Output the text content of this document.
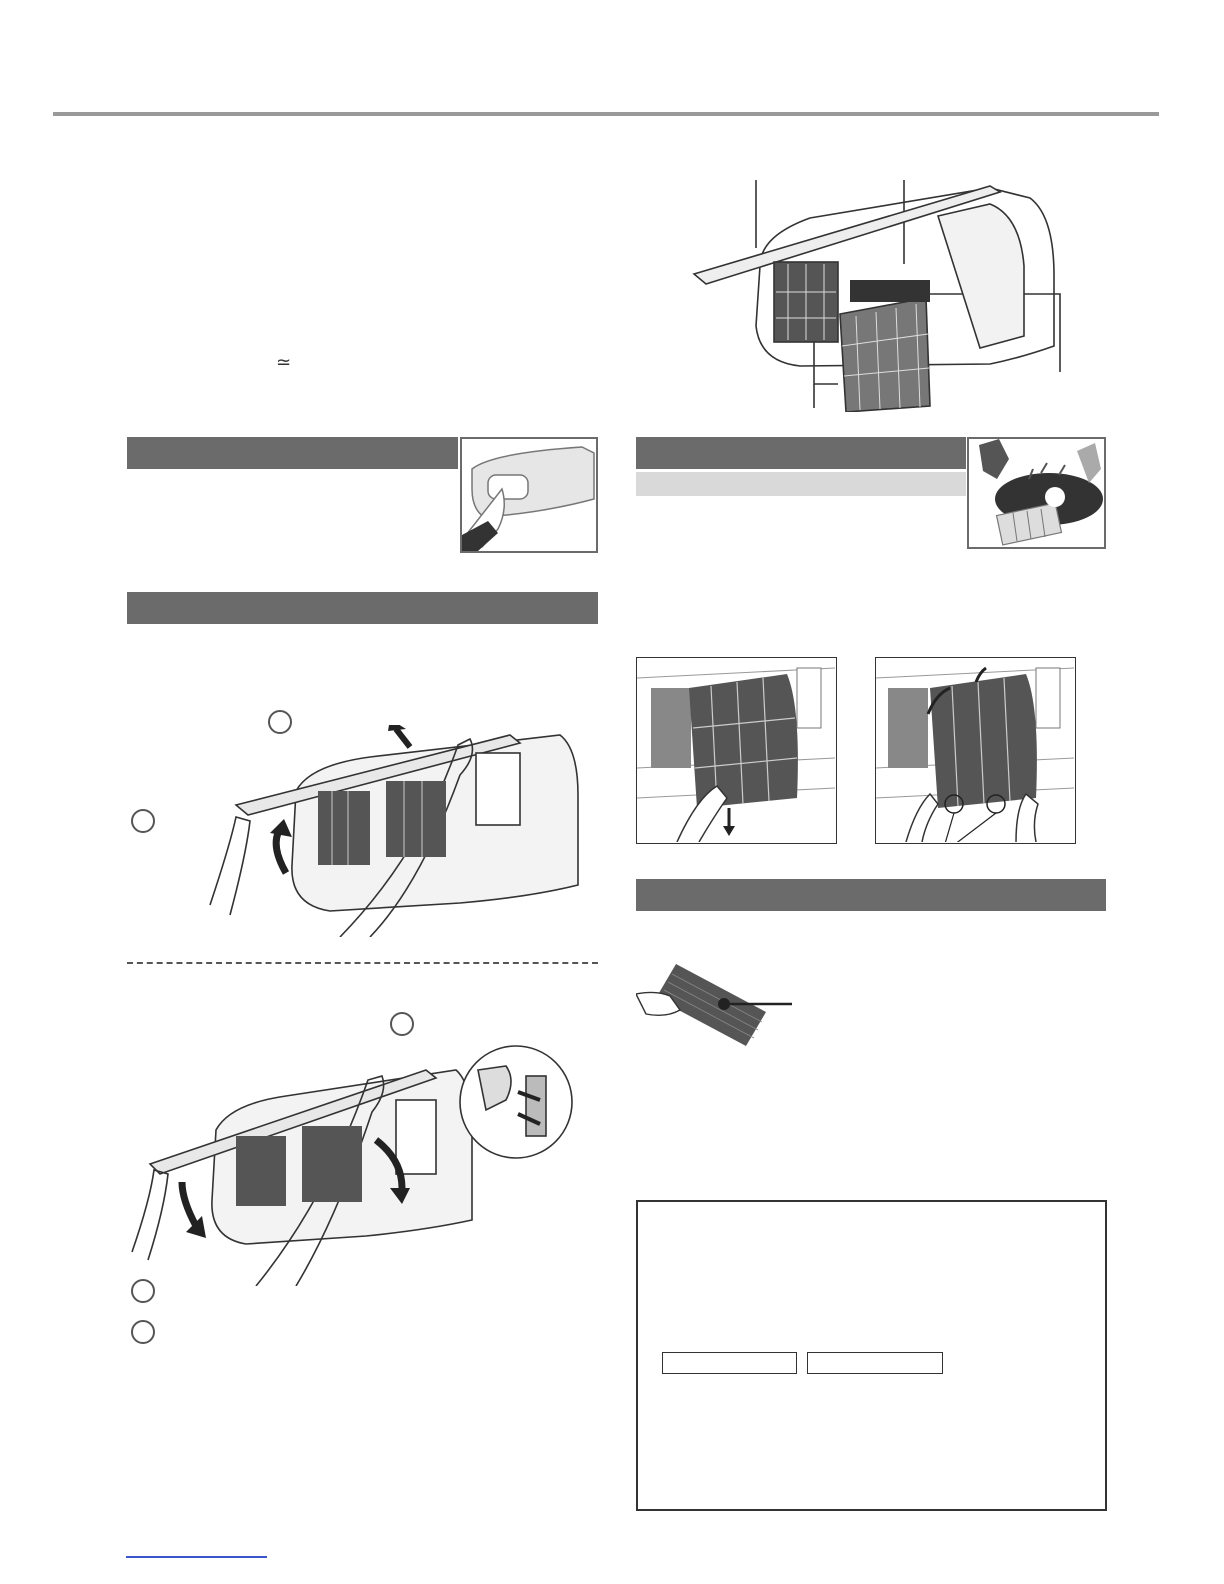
≃
